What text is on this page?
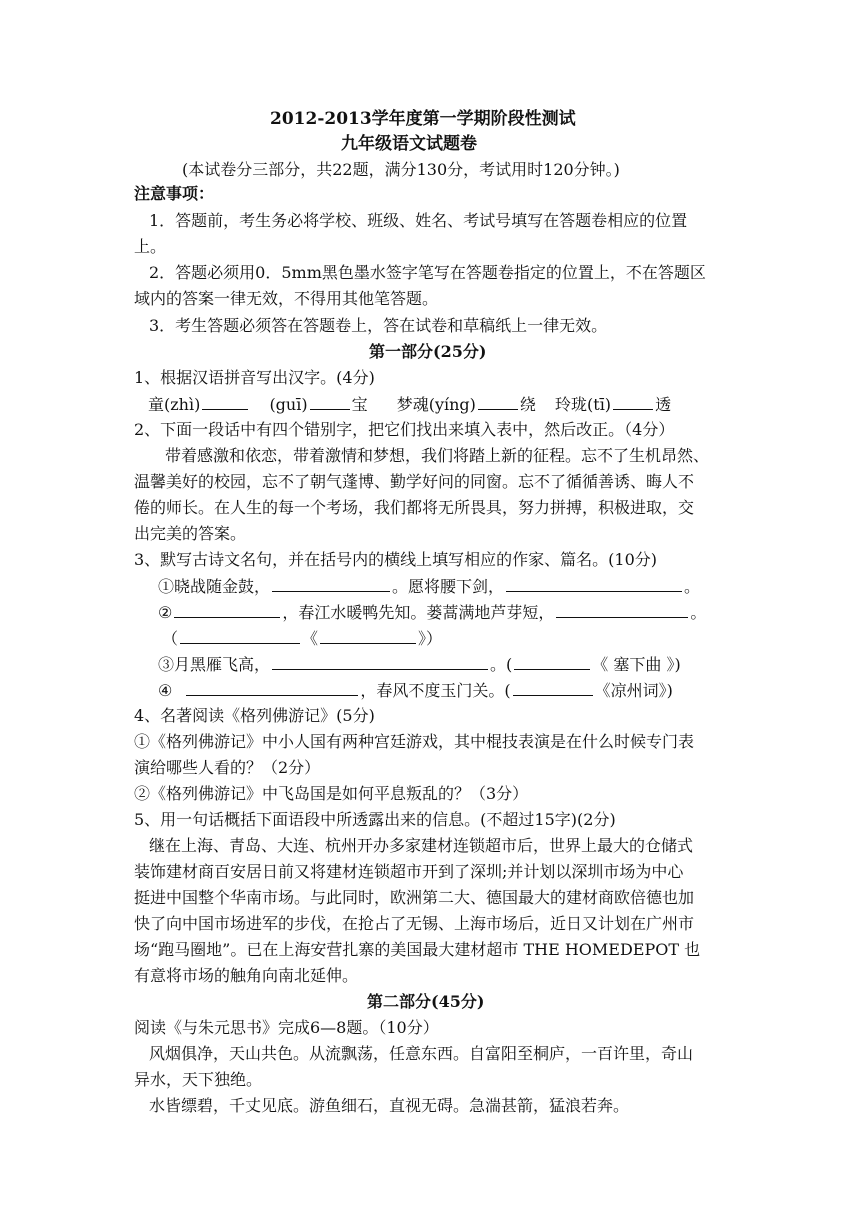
2012-2013学年度第一学期阶段性测试
九年级语文试题卷
(本试卷分三部分，共22题，满分130分，考试用时120分钟。)
注意事项：
1．答题前，考生务必将学校、班级、姓名、考试号填写在答题卷相应的位置
上。
2．答题必须用0．5mm黑色墨水签字笔写在答题卷指定的位置上，不在答题区
域内的答案一律无效，不得用其他笔答题。
3．考生答题必须答在答题卷上，答在试卷和草稿纸上一律无效。
第一部分(25分)
1、根据汉语拼音写出汉字。(4分)
童(zhì)	(guī)	宝 梦魂(yíng)	绕 玲珑(tī)	透
2、下面一段话中有四个错别字，把它们找出来填入表中，然后改正。（4分）
带着感激和依恋，带着激情和梦想，我们将踏上新的征程。忘不了生机昂然、
温馨美好的校园，忘不了朝气蓬博、勤学好问的同窗。忘不了循循善诱、晦人不
倦的师长。在人生的每一个考场，我们都将无所畏具，努力拼搏，积极进取，交
出完美的答案。
3、默写古诗文名句，并在括号内的横线上填写相应的作家、篇名。(10分)
①晓战随金鼓，	。愿将腰下剑，	。
②	，春江水暖鸭先知。蒌蒿满地芦芽短，	。
（	《	》）
③月黑雁飞高，	。(	《 塞下曲 》)
④	，春风不度玉门关。(	《凉州词》)
4、名著阅读《格列佛游记》(5分)
①《格列佛游记》中小人国有两种宫廷游戏，其中棍技表演是在什么时候专门表
演给哪些人看的？（2分）
②《格列佛游记》中飞岛国是如何平息叛乱的？（3分）
5、用一句话概括下面语段中所透露出来的信息。(不超过15字)(2分)
继在上海、青岛、大连、杭州开办多家建材连锁超市后，世界上最大的仓储式
装饰建材商百安居日前又将建材连锁超市开到了深圳;并计划以深圳市场为中心
挺进中国整个华南市场。与此同时，欧洲第二大、德国最大的建材商欧倍德也加
快了向中国市场进军的步伐，在抢占了无锡、上海市场后，近日又计划在广州市
场“跑马圈地”。已在上海安营扎寨的美国最大建材超市 THE HOMEDEPOT 也
有意将市场的触角向南北延伸。
第二部分(45分)
阅读《与朱元思书》完成6—8题。（10分）
风烟俱净，天山共色。从流飘荡，任意东西。自富阳至桐庐，一百许里，奇山
异水，天下独绝。
水皆缥碧，千丈见底。游鱼细石，直视无碍。急湍甚箭，猛浪若奔。
